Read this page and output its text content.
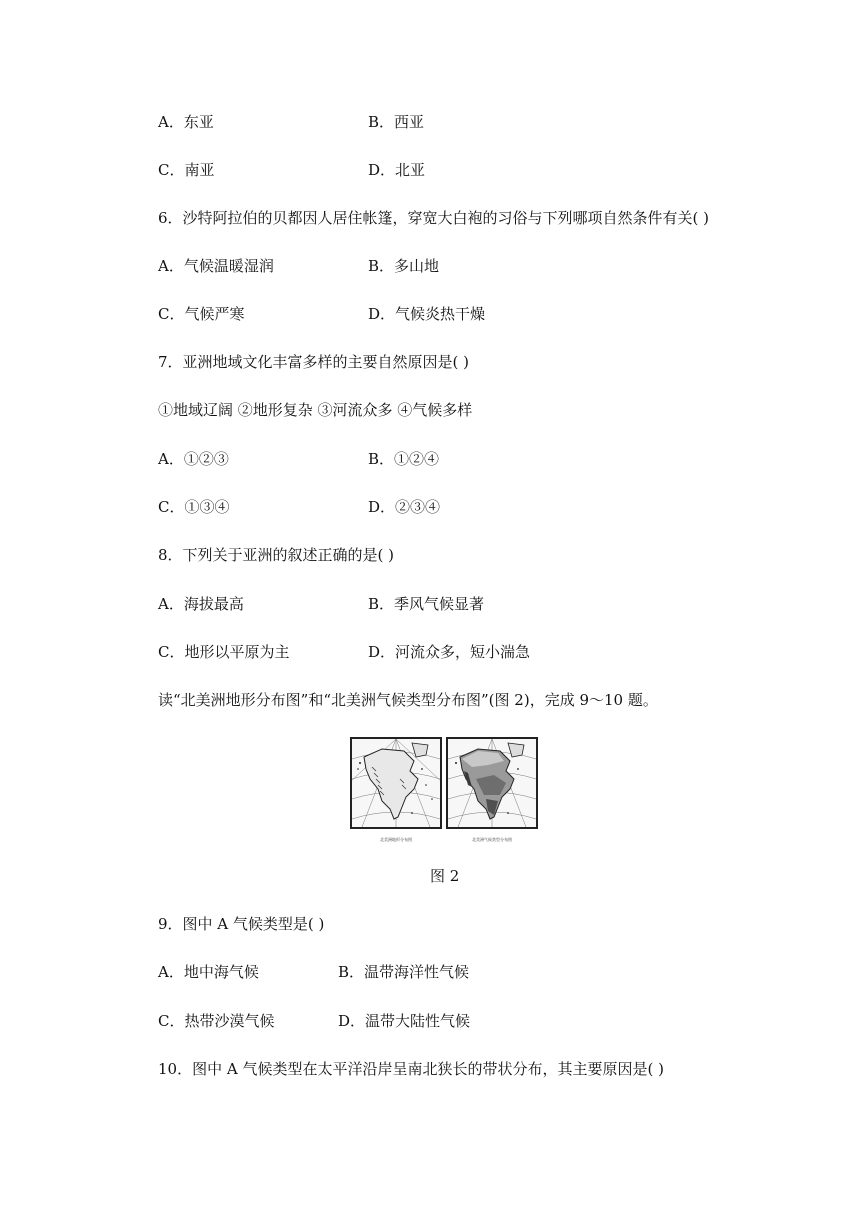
A．东亚	B．西亚
C．南亚	D．北亚
6．沙特阿拉伯的贝都因人居住帐篷，穿宽大白袍的习俗与下列哪项自然条件有关( )
A．气候温暖湿润	B．多山地
C．气候严寒	D．气候炎热干燥
7．亚洲地域文化丰富多样的主要自然原因是( )
①地域辽阔 ②地形复杂 ③河流众多 ④气候多样
A．①②③	B．①②④
C．①③④	D．②③④
8．下列关于亚洲的叙述正确的是( )
A．海拔最高	B．季风气候显著
C．地形以平原为主	D．河流众多，短小湍急
读“北美洲地形分布图”和“北美洲气候类型分布图”(图 2)，完成 9～10 题。
北美洲地形分布图	北美洲气候类型分布图
图 2
9．图中 A 气候类型是( )
A．地中海气候	B．温带海洋性气候
C．热带沙漠气候	D．温带大陆性气候
10．图中 A 气候类型在太平洋沿岸呈南北狭长的带状分布，其主要原因是( )
